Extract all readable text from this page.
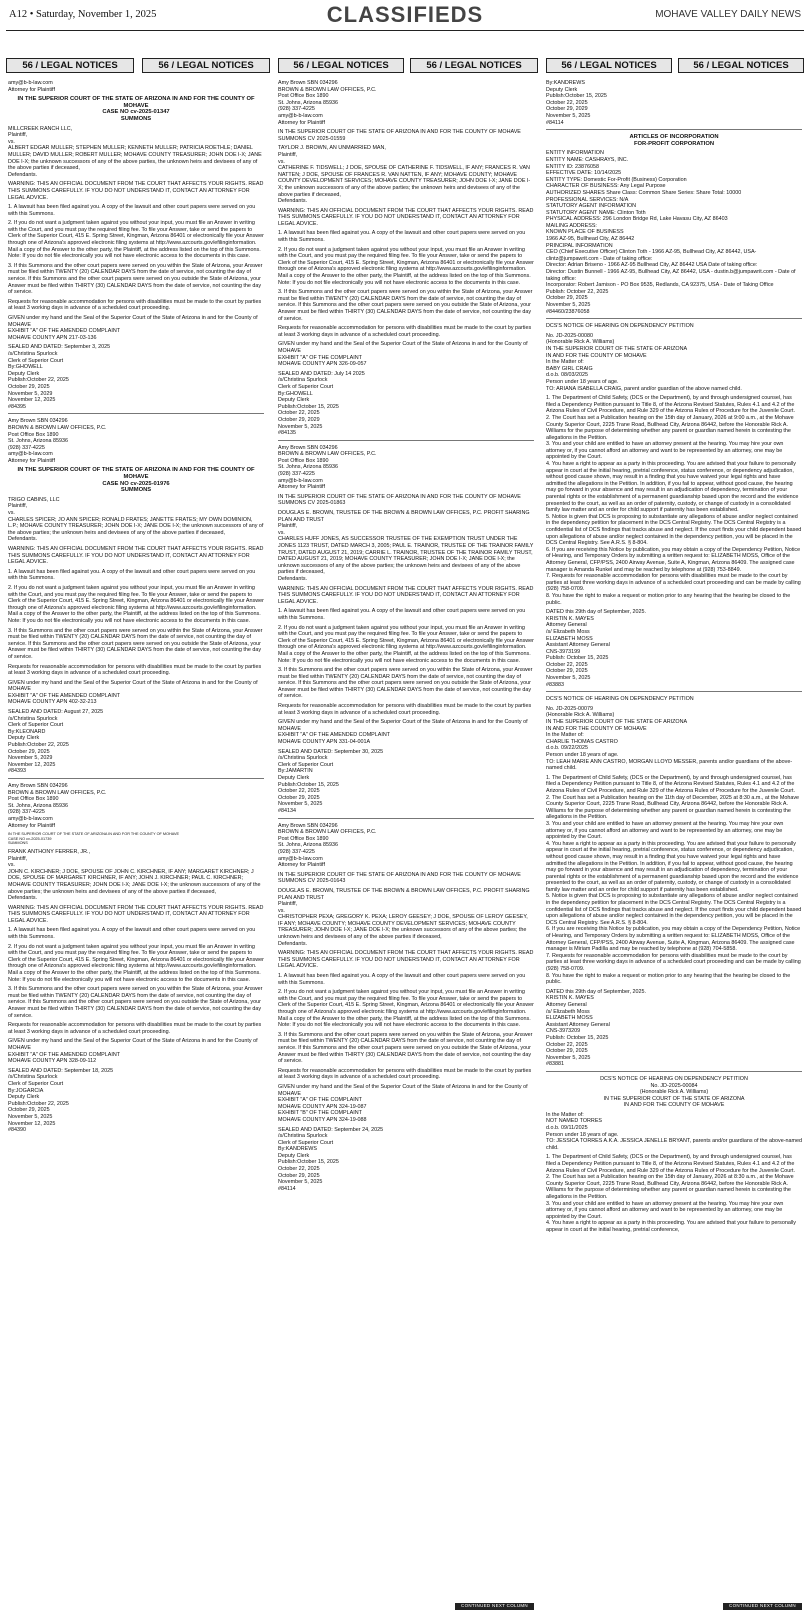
A12 • Saturday, November 1, 2025	CLASSIFIEDS	MOHAVE VALLEY DAILY NEWS
56 / LEGAL NOTICES	56 / LEGAL NOTICES	56 / LEGAL NOTICES	56 / LEGAL NOTICES	56 / LEGAL NOTICES	56 / LEGAL NOTICES

amy@b-b-law.com
Attorney for Plaintiff

IN THE SUPERIOR COURT OF THE STATE OF ARIZONA IN AND FOR THE COUNTY OF MOHAVE
CASE NO cv-2025-01347
SUMMONS

MILLCREEK RANCH LLC,
Plaintiff,
vs.
ALBERT EDGAR MULLER; STEPHEN MULLER; KENNETH MULLER; PATRICIA ROETHLE; DANIEL MULLER; DAVID MULLER; ROBERT MULLER; MOHAVE COUNTY TREASURER; JOHN DOE I-X; JANE DOE I-X; the unknown successors of any of the above parties, the unknown heirs and devisees of any of the above parties if deceased,
Defendants.

WARNING: THIS AN OFFICIAL DOCUMENT FROM THE COURT THAT AFFECTS YOUR RIGHTS. READ THIS SUMMONS CAREFULLY. IF YOU DO NOT UNDERSTAND IT, CONTACT AN ATTORNEY FOR LEGAL ADVICE.

1. A lawsuit has been filed against you. A copy of the lawsuit and other court papers were served on you with this Summons.

2. If you do not want a judgment taken against you without your input, you must file an Answer in writing with the Court, and you must pay the required filing fee. To file your Answer, take or send the papers to Clerk of the Superior Court, 415 E. Spring Street, Kingman, Arizona 86401 or electronically file your Answer through one of Arizona's approved electronic filing systems at http://www.azcourts.gov/efilinginformation. Mail a copy of the Answer to the other party, the Plaintiff, at the address listed on the top of this Summons.
Note: If you do not file electronically you will not have electronic access to the documents in this case.

3. If this Summons and the other court papers were served on you within the State of Arizona, your Answer must be filed within TWENTY (20) CALENDAR DAYS from the date of service, not counting the day of service. If this Summons and the other court papers were served on you outside the State of Arizona, your Answer must be filed within THIRTY (30) CALENDAR DAYS from the date of service, not counting the day of service.

Requests for reasonable accommodation for persons with disabilities must be made to the court by parties at least 3 working days in advance of a scheduled court proceeding.

GIVEN under my hand and the Seal of the Superior Court of the State of Arizona in and for the County of MOHAVE
EXHIBIT "A" OF THE AMENDED COMPLAINT
MOHAVE COUNTY APN 217-03-136

SEALED AND DATED: September 3, 2025
/s/Christina Spurlock
Clerk of Superior Court
By:GHOWELL
Deputy Clerk
Publish:October 22, 2025
October 29, 2025
November 5, 2029
November 12, 2025
#84395

Amy Brown SBN 034296
BROWN & BROWN LAW OFFICES, P.C.
Post Office Box 1890
St. Johns, Arizona 85936
(928) 337-4225
amy@b-b-law.com
Attorney for Plaintiff

IN THE SUPERIOR COURT OF THE STATE OF ARIZONA IN AND FOR THE COUNTY OF MOHAVE
CASE NO cv-2025-01976
SUMMONS

TRIGO CABINS, LLC
Plaintiff,
vs.
CHARLES SPICER; JO ANN SPICER; RONALD FRATES; JANETTE FRATES; MY OWN DOMINION, L.P.; MOHAVE COUNTY TREASURER; JOHN DOE I-X; JANE DOE I-X; the unknown successors of any of the above parties; the unknown heirs and devisees of any of the above parties if deceased,
Defendants.

WARNING: THIS AN OFFICIAL DOCUMENT FROM THE COURT THAT AFFECTS YOUR RIGHTS. READ THIS SUMMONS CAREFULLY. IF YOU DO NOT UNDERSTAND IT, CONTACT AN ATTORNEY FOR LEGAL ADVICE.

1. A lawsuit has been filed against you. A copy of the lawsuit and other court papers were served on you with this Summons.

2. If you do not want a judgment taken against you without your input, you must file an Answer in writing with the Court, and you must pay the required filing fee. To file your Answer, take or send the papers to Clerk of the Superior Court, 415 E. Spring Street, Kingman, Arizona 86401 or electronically file your Answer through one of Arizona's approved electronic filing systems at http://www.azcourts.gov/efilinginformation. Mail a copy of the Answer to the other party, the Plaintiff, at the address listed on the top of this Summons.
Note: If you do not file electronically you will not have electronic access to the documents in this case.

3. If this Summons and the other court papers were served on you within the State of Arizona, your Answer must be filed within TWENTY (20) CALENDAR DAYS from the date of service, not counting the day of service. If this Summons and the other court papers were served on you outside the State of Arizona, your Answer must be filed within THIRTY (30) CALENDAR DAYS from the date of service, not counting the day of service.

Requests for reasonable accommodation for persons with disabilities must be made to the court by parties at least 3 working days in advance of a scheduled court proceeding.

GIVEN under my hand and the Seal of the Superior Court of the State of Arizona in and for the County of MOHAVE
EXHIBIT "A" OF THE AMENDED COMPLAINT
MOHAVE COUNTY APN 402-32-213

SEALED AND DATED: August 27, 2025
/s/Christina Spurlock
Clerk of Superior Court
By:KLEONARD
Deputy Clerk
Publish:October 22, 2025
October 29, 2025
November 5, 2029
November 12, 2025
#84393

Amy Brown SBN 034296
BROWN & BROWN LAW OFFICES, P.C.
Post Office Box 1890
St. Johns, Arizona 85936
(928) 337-4225
amy@b-b-law.com
Attorney for Plaintiff

IN THE SUPERIOR COURT OF THE STATE OF ARIZONA IN AND FOR THE COUNTY OF MOHAVE
CASE NO cv-2025-01739
SUMMONS

FRANK ANTHONY FERRER, JR.,
Plaintiff,
vs.
JOHN C. KIRCHNER; J DOE, SPOUSE OF JOHN C. KIRCHNER, IF ANY; MARGARET KIRCHNER; J DOE, SPOUSE OF MARGARET KIRCHNER, IF ANY; JOHN J. KIRCHNER; PAUL C. KIRCHNER; MOHAVE COUNTY TREASURER; JOHN DOE I-X; JANE DOE I-X; the unknown successors of any of the above parties; the unknown heirs and devisees of any of the above parties if deceased,
Defendants.

WARNING: THIS AN OFFICIAL DOCUMENT FROM THE COURT THAT AFFECTS YOUR RIGHTS. READ THIS SUMMONS CAREFULLY. IF YOU DO NOT UNDERSTAND IT, CONTACT AN ATTORNEY FOR LEGAL ADVICE.

1. A lawsuit has been filed against you. A copy of the lawsuit and other court papers were served on you with this Summons.

2. If you do not want a judgment taken against you without your input, you must file an Answer in writing with the Court, and you must pay the required filing fee. To file your Answer, take or send the papers to Clerk of the Superior Court, 415 E. Spring Street, Kingman, Arizona 86401 or electronically file your Answer through one of Arizona's approved electronic filing systems at http://www.azcourts.gov/efilinginformation. Mail a copy of the Answer to the other party, the Plaintiff, at the address listed on the top of this Summons.
Note: If you do not file electronically you will not have electronic access to the documents in this case.

3. If this Summons and the other court papers were served on you within the State of Arizona, your Answer must be filed within TWENTY (20) CALENDAR DAYS from the date of service, not counting the day of service. If this Summons and the other court papers were served on you outside the State of Arizona, your Answer must be filed within THIRTY (30) CALENDAR DAYS from the date of service, not counting the day of service.

Requests for reasonable accommodation for persons with disabilities must be made to the court by parties at least 3 working days in advance of a scheduled court proceeding.

GIVEN under my hand and the Seal of the Superior Court of the State of Arizona in and for the County of MOHAVE
EXHIBIT "A" OF THE AMENDED COMPLAINT
MOHAVE COUNTY APN 328-09-112

SEALED AND DATED: September 18, 2025
/s/Christina Spurlock
Clerk of Superior Court
By:JOGARCIA
Deputy Clerk
Publish:October 22, 2025
October 29, 2025
November 5, 2025
November 12, 2025
#84390

Amy Brown SBN 034296
BROWN & BROWN LAW OFFICES, P.C.
Post Office Box 1890
St. Johns, Arizona 85936
(928) 337-4225
amy@b-b-law.com
Attorney for Plaintiff

IN THE SUPERIOR COURT OF THE STATE OF ARIZONA IN AND FOR THE COUNTY OF MOHAVE
SUMMONS CV 2025-01559

TAYLOR J. BROWN, AN UNMARRIED MAN,
Plaintiff,
vs.
CATHERINE F. TIDSWELL; J DOE, SPOUSE OF CATHERINE F. TIDSWELL, IF ANY; FRANCES R. VAN NATTEN; J DOE, SPOUSE OF FRANCES R. VAN NATTEN, IF ANY; MOHAVE COUNTY; MOHAVE COUNTY DEVELOPMENT SERVICES; MOHAVE COUNTY TREASURER; JOHN DOE I-X; JANE DOE I-X; the unknown successors of any of the above parties; the unknown heirs and devisees of any of the above parties if deceased,
Defendants.

WARNING: THIS AN OFFICIAL DOCUMENT FROM THE COURT THAT AFFECTS YOUR RIGHTS. READ THIS SUMMONS CAREFULLY. IF YOU DO NOT UNDERSTAND IT, CONTACT AN ATTORNEY FOR LEGAL ADVICE.

1. A lawsuit has been filed against you. A copy of the lawsuit and other court papers were served on you with this Summons.

2. If you do not want a judgment taken against you without your input, you must file an Answer in writing with the Court, and you must pay the required filing fee. To file your Answer, take or send the papers to Clerk of the Superior Court, 415 E. Spring Street, Kingman, Arizona 86401 or electronically file your Answer through one of Arizona's approved electronic filing systems at http://www.azcourts.gov/efilinginformation. Mail a copy of the Answer to the other party, the Plaintiff, at the address listed on the top of this Summons.
Note: If you do not file electronically you will not have electronic access to the documents in this case.

3. If this Summons and the other court papers were served on you within the State of Arizona, your Answer must be filed within TWENTY (20) CALENDAR DAYS from the date of service, not counting the day of service. If this Summons and the other court papers were served on you outside the State of Arizona, your Answer must be filed within THIRTY (30) CALENDAR DAYS from the date of service, not counting the day of service.

Requests for reasonable accommodation for persons with disabilities must be made to the court by parties at least 3 working days in advance of a scheduled court proceeding.

GIVEN under my hand and the Seal of the Superior Court of the State of Arizona in and for the County of MOHAVE
EXHIBIT "A" OF THE COMPLAINT
MOHAVE COUNTY APN 326-09-057

SEALED AND DATED: July 14 2025
/s/Christina Spurlock
Clerk of Superior Court
By:GHOWELL
Deputy Clerk
Publish:October 15, 2025
October 22, 2025
October 29, 2029
November 5, 2025
#84135

Amy Brown SBN 034296
BROWN & BROWN LAW OFFICES, P.C.
Post Office Box 1890
St. Johns, Arizona 85936
(928) 337-4225
amy@b-b-law.com
Attorney for Plaintiff

IN THE SUPERIOR COURT OF THE STATE OF ARIZONA IN AND FOR THE COUNTY OF MOHAVE
SUMMONS CV 2025-01863

DOUGLAS E. BROWN, TRUSTEE OF THE BROWN & BROWN LAW OFFICES, P.C. PROFIT SHARING PLAN AND TRUST
Plaintiff,
vs.
CHARLES HUFF JONES, AS SUCCESSOR TRUSTEE OF THE EXEMPTION TRUST UNDER THE JONES 1123 TRUST, DATED MARCH 3, 2005; PAUL E. TRAINOR, TRUSTEE OF THE TRAINOR FAMILY TRUST, DATED AUGUST 21, 2019; CARRIE L. TRAINOR, TRUSTEE OF THE TRAINOR FAMILY TRUST, DATED AUGUST 21, 2019; MOHAVE COUNTY TREASURER; JOHN DOE I-X; JANE DOE I-X; the unknown successors of any of the above parties; the unknown heirs and devisees of any of the above parties if deceased,
Defendants.

WARNING: THIS AN OFFICIAL DOCUMENT FROM THE COURT THAT AFFECTS YOUR RIGHTS. READ THIS SUMMONS CAREFULLY. IF YOU DO NOT UNDERSTAND IT, CONTACT AN ATTORNEY FOR LEGAL ADVICE.

1. A lawsuit has been filed against you. A copy of the lawsuit and other court papers were served on you with this Summons.

2. If you do not want a judgment taken against you without your input, you must file an Answer in writing with the Court, and you must pay the required filing fee. To file your Answer, take or send the papers to Clerk of the Superior Court, 415 E. Spring Street, Kingman, Arizona 86401 or electronically file your Answer through one of Arizona's approved electronic filing systems at http://www.azcourts.gov/efilinginformation. Mail a copy of the Answer to the other party, the Plaintiff, at the address listed on the top of this Summons.
Note: If you do not file electronically you will not have electronic access to the documents in this case.

3. If this Summons and the other court papers were served on you within the State of Arizona, your Answer must be filed within TWENTY (20) CALENDAR DAYS from the date of service, not counting the day of service. If this Summons and the other court papers were served on you outside the State of Arizona, your Answer must be filed within THIRTY (30) CALENDAR DAYS from the date of service, not counting the day of service.

Requests for reasonable accommodation for persons with disabilities must be made to the court by parties at least 3 working days in advance of a scheduled court proceeding.

GIVEN under my hand and the Seal of the Superior Court of the State of Arizona in and for the County of MOHAVE
EXHIBIT "A" OF THE AMENDED COMPLAINT
MOHAVE COUNTY APN 331-04-001A

SEALED AND DATED: September 30, 2025
/s/Christina Spurlock
Clerk of Superior Court
By:JAMARTIN
Deputy Clerk
Publish:October 15, 2025
October 22, 2025
October 29, 2025
November 5, 2025
#84134

Amy Brown SBN 034296
BROWN & BROWN LAW OFFICES, P.C.
Post Office Box 1890
St. Johns, Arizona 85936
(928) 337-4225
amy@b-b-law.com
Attorney for Plaintiff

IN THE SUPERIOR COURT OF THE STATE OF ARIZONA IN AND FOR THE COUNTY OF MOHAVE
SUMMONS CV 2025-01643

DOUGLAS E. BROWN, TRUSTEE OF THE BROWN & BROWN LAW OFFICES, P.C. PROFIT SHARING PLAN AND TRUST
Plaintiff,
vs.
CHRISTOPHER PEXA; GREGORY K. PEXA; LEROY GEESEY; J DOE, SPOUSE OF LEROY GEESEY, IF ANY; MOHAVE COUNTY; MOHAVE COUNTY DEVELOPMENT SERVICES; MOHAVE COUNTY TREASURER; JOHN DOE I-X; JANE DOE I-X; the unknown successors of any of the above parties; the unknown heirs and devisees of any of the above parties if deceased,
Defendants.

WARNING: THIS AN OFFICIAL DOCUMENT FROM THE COURT THAT AFFECTS YOUR RIGHTS. READ THIS SUMMONS CAREFULLY. IF YOU DO NOT UNDERSTAND IT, CONTACT AN ATTORNEY FOR LEGAL ADVICE.

1. A lawsuit has been filed against you. A copy of the lawsuit and other court papers were served on you with this Summons.

2. If you do not want a judgment taken against you without your input, you must file an Answer in writing with the Court, and you must pay the required filing fee. To file your Answer, take or send the papers to Clerk of the Superior Court, 415 E. Spring Street, Kingman, Arizona 86401 or electronically file your Answer through one of Arizona's approved electronic filing systems at http://www.azcourts.gov/efilinginformation. Mail a copy of the Answer to the other party, the Plaintiff, at the address listed on the top of this Summons.
Note: If you do not file electronically you will not have electronic access to the documents in this case.

3. If this Summons and the other court papers were served on you within the State of Arizona, your Answer must be filed within TWENTY (20) CALENDAR DAYS from the date of service, not counting the day of service. If this Summons and the other court papers were served on you outside the State of Arizona, your Answer must be filed within THIRTY (30) CALENDAR DAYS from the date of service, not counting the day of service.

Requests for reasonable accommodation for persons with disabilities must be made to the court by parties at least 3 working days in advance of a scheduled court proceeding.

GIVEN under my hand and the Seal of the Superior Court of the State of Arizona in and for the County of MOHAVE
EXHIBIT "A" OF THE COMPLAINT
MOHAVE COUNTY APN 324-19-087
EXHIBIT "B" OF THE COMPLAINT
MOHAVE COUNTY APN 324-19-088

SEALED AND DATED: September 24, 2025
/s/Christina Spurlock
Clerk of Superior Court
By:KANDREWS
Deputy Clerk
Publish:October 15, 2025
October 22, 2025
October 29, 2025
November 5, 2025
#84114

CONTINUED NEXT COLUMN

By:KANDREWS
Deputy Clerk
Publish:October 15, 2025
October 22, 2025
October 29, 2029
November 5, 2025
#84114

ARTICLES OF INCORPORATION
FOR-PROFIT CORPORATION

ENTITY INFORMATION
ENTITY NAME: CASHRAYS, INC.
ENTITY ID: 23876058
EFFECTIVE DATE: 10/14/2025
ENTITY TYPE: Domestic For-Profit (Business) Corporation
CHARACTER OF BUSINESS: Any Legal Purpose
AUTHORIZED SHARES Share Class: Common Share Series: Share Total: 10000
PROFESSIONAL SERVICES: N/A
STATUTORY AGENT INFORMATION
STATUTORY AGENT NAME: Clinton Toth
PHYSICAL ADDRESS: 296 London Bridge Rd, Lake Havasu City, AZ 86403
MAILING ADDRESS:
KNOWN PLACE OF BUSINESS
1966 AZ-95, Bullhead City, AZ 86442
PRINCIPAL INFORMATION
CEO (Chief Executive Officer) Clinton Toth - 1966 AZ-95, Bullhead City, AZ 86442, USA-clintz@jumpawrit.com - Date of taking office:
Director: Adrian Briseno - 1966 AZ-95 Bullhead City, AZ 86442 USA Date of taking office:
Director: Dustin Bunnell - 1966 AZ-95, Bullhead City, AZ 86442, USA - dustin.b@jumpawrit.com - Date of taking office:
Incorporator: Robert Jamison - PO Box 9535, Redlands, CA 92375, USA - Date of Taking Office
Publish: October 22, 2025
October 29, 2025
November 5, 2025
#84460/23876058

DCS'S NOTICE OF HEARING ON DEPENDENCY PETITION

No. JD-2025-00080
(Honorable Rick A. Williams)
IN THE SUPERIOR COURT OF THE STATE OF ARIZONA
IN AND FOR THE COUNTY OF MOHAVE
In the Matter of:
BABY GIRL CRAIG
d.o.b. 08/03/2025
Person under 18 years of age.
TO: ARIANA ISABELLA CRAIG, parent and/or guardian of the above named child.

1. The Department of Child Safety, (DCS or the Department), by and through undersigned counsel, has filed a Dependency Petition pursuant to Title 8, of the Arizona Revised Statutes, Rules 4.1 and 4.2 of the Arizona Rules of Civil Procedure, and Rule 329 of the Arizona Rules of Procedure for the Juvenile Court.
2. The Court has set a Publication hearing on the 15th day of January, 2026 at 9:00 a.m., at the Mohave County Superior Court, 2225 Trane Road, Bullhead City, Arizona 86442, before the Honorable Rick A. Williams for the purpose of determining whether any parent or guardian named herein is contesting the allegations in the Petition.
3. You and your child are entitled to have an attorney present at the hearing. You may hire your own attorney or, if you cannot afford an attorney and want to be represented by an attorney, one may be appointed by the Court.
4. You have a right to appear as a party in this proceeding. You are advised that your failure to personally appear in court at the initial hearing, pretrial conference, status conference, or dependency adjudication, without good cause shown, may result in a finding that you have waived your legal rights and have admitted the allegations in the Petition. In addition, if you fail to appear, without good cause, the hearing may go forward in your absence and may result in an adjudication of dependency, termination of your parental rights or the establishment of a permanent guardianship based upon the record and the evidence presented to the court, as well as an order of paternity, custody, or change of custody in a consolidated family law matter and an order for child support if paternity has been established.
5. Notice is given that DCS is proposing to substantiate any allegations of abuse and/or neglect contained in the dependency petition for placement in the DCS Central Registry. The DCS Central Registry is a confidential list of DCS findings that tracks abuse and neglect. If the court finds your child dependent based upon allegations of abuse and/or neglect contained in the dependency petition, you will be placed in the DCS Central Registry. See A.R.S. § 8-804.
6. If you are receiving this Notice by publication, you may obtain a copy of the Dependency Petition, Notice of Hearing, and Temporary Orders by submitting a written request to: ELIZABETH MOSS, Office of the Attorney General, CFP/PSS, 2400 Airway Avenue, Suite A, Kingman, Arizona 86409. The assigned case manager is Amanda Runkel and may be reached by telephone at (928) 753-8849.
7. Requests for reasonable accommodation for persons with disabilities must be made to the court by parties at least three working days in advance of a scheduled court proceeding and can be made by calling (928) 758-0709.
8. You have the right to make a request or motion prior to any hearing that the hearing be closed to the public.

DATED this 29th day of September, 2025.
KRISTIN K. MAYES
Attorney General
/s/ Elizabeth Moss
ELIZABETH MOSS
Assistant Attorney General
CNS-3973199
Publish: October 15, 2025
October 22, 2025
October 29, 2025
November 5, 2025
#83883

DCS'S NOTICE OF HEARING ON DEPENDENCY PETITION

No. JD-2025-00079
(Honorable Rick A. Williams)
IN THE SUPERIOR COURT OF THE STATE OF ARIZONA
IN AND FOR THE COUNTY OF MOHAVE
In the Matter of:
CHARLIE THOMAS CASTRO
d.o.b. 09/22/2025
Person under 18 years of age.
TO: LEAH MARIE ANN CASTRO, MORGAN LLOYD MESSER, parents and/or guardians of the above-named child.

1. The Department of Child Safety, (DCS or the Department), by and through undersigned counsel, has filed a Dependency Petition pursuant to Title 8, of the Arizona Revised Statutes, Rules 4.1 and 4.2 of the Arizona Rules of Civil Procedure, and Rule 329 of the Arizona Rules of Procedure for the Juvenile Court.
2. The Court has set a Publication hearing on the 11th day of December, 2025 at 8:30 a.m., at the Mohave County Superior Court, 2225 Trane Road, Bullhead City, Arizona 86442, before the Honorable Rick A. Williams for the purpose of determining whether any parent or guardian named herein is contesting the allegations in the Petition.
3. You and your child are entitled to have an attorney present at the hearing. You may hire your own attorney or, if you cannot afford an attorney and want to be represented by an attorney, one may be appointed by the Court.
4. You have a right to appear as a party in this proceeding. You are advised that your failure to personally appear in court at the initial hearing, pretrial conference, status conference, or dependency adjudication, without good cause shown, may result in a finding that you have waived your legal rights and have admitted the allegations in the Petition. In addition, if you fail to appear, without good cause, the hearing may go forward in your absence and may result in an adjudication of dependency, termination of your parental rights or the establishment of a permanent guardianship based upon the record and the evidence presented to the court, as well as an order of paternity, custody, or change of custody in a consolidated family law matter and an order for child support if paternity has been established.
5. Notice is given that DCS is proposing to substantiate any allegations of abuse and/or neglect contained in the dependency petition for placement in the DCS Central Registry. The DCS Central Registry is a confidential list of DCS findings that tracks abuse and neglect. If the court finds your child dependent based upon allegations of abuse and/or neglect contained in the dependency petition, you will be placed in the DCS Central Registry. See A.R.S. § 8-804.
6. If you are receiving this Notice by publication, you may obtain a copy of the Dependency Petition, Notice of Hearing, and Temporary Orders by submitting a written request to: ELIZABETH MOSS, Office of the Attorney General, CFP/PSS, 2400 Airway Avenue, Suite A, Kingman, Arizona 86409. The assigned case manager is Miriam Padilla and may be reached by telephone at (928) 704-5858.
7. Requests for reasonable accommodation for persons with disabilities must be made to the court by parties at least three working days in advance of a scheduled court proceeding and can be made by calling (928) 758-0709.
8. You have the right to make a request or motion prior to any hearing that the hearing be closed to the public.

DATED this 29th day of September, 2025.
KRISTIN K. MAYES
Attorney General
/s/ Elizabeth Moss
ELIZABETH MOSS
Assistant Attorney General
CNS-3973209
Publish: October 15, 2025
October 22, 2025
October 29, 2025
November 5, 2025
#83881

DCS'S NOTICE OF HEARING ON DEPENDENCY PETITION
No. JD-2025-00084
(Honorable Rick A. Williams)
IN THE SUPERIOR COURT OF THE STATE OF ARIZONA
IN AND FOR THE COUNTY OF MOHAVE

In the Matter of:
NOT NAMED TORRES
d.o.b. 09/11/2025
Person under 18 years of age.
TO: JESSICA TORRES A.K.A. JESSICA JENELLE BRYANT, parents and/or guardians of the above-named child.

1. The Department of Child Safety, (DCS or the Department), by and through undersigned counsel, has filed a Dependency Petition pursuant to Title 8, of the Arizona Revised Statutes, Rules 4.1 and 4.2 of the Arizona Rules of Civil Procedure, and Rule 329 of the Arizona Rules of Procedure for the Juvenile Court.
2. The Court has set a Publication hearing on the 15th day of January, 2026 at 8:30 a.m., at the Mohave County Superior Court, 2225 Trane Road, Bullhead City, Arizona 86442, before the Honorable Rick A. Williams for the purpose of determining whether any parent or guardian named herein is contesting the allegations in the Petition.
3. You and your child are entitled to have an attorney present at the hearing. You may hire your own attorney or, if you cannot afford an attorney and want to be represented by an attorney, one may be appointed by the Court.
4. You have a right to appear as a party in this proceeding. You are advised that your failure to personally appear in court at the initial hearing, pretrial conference,

CONTINUED NEXT COLUMN
